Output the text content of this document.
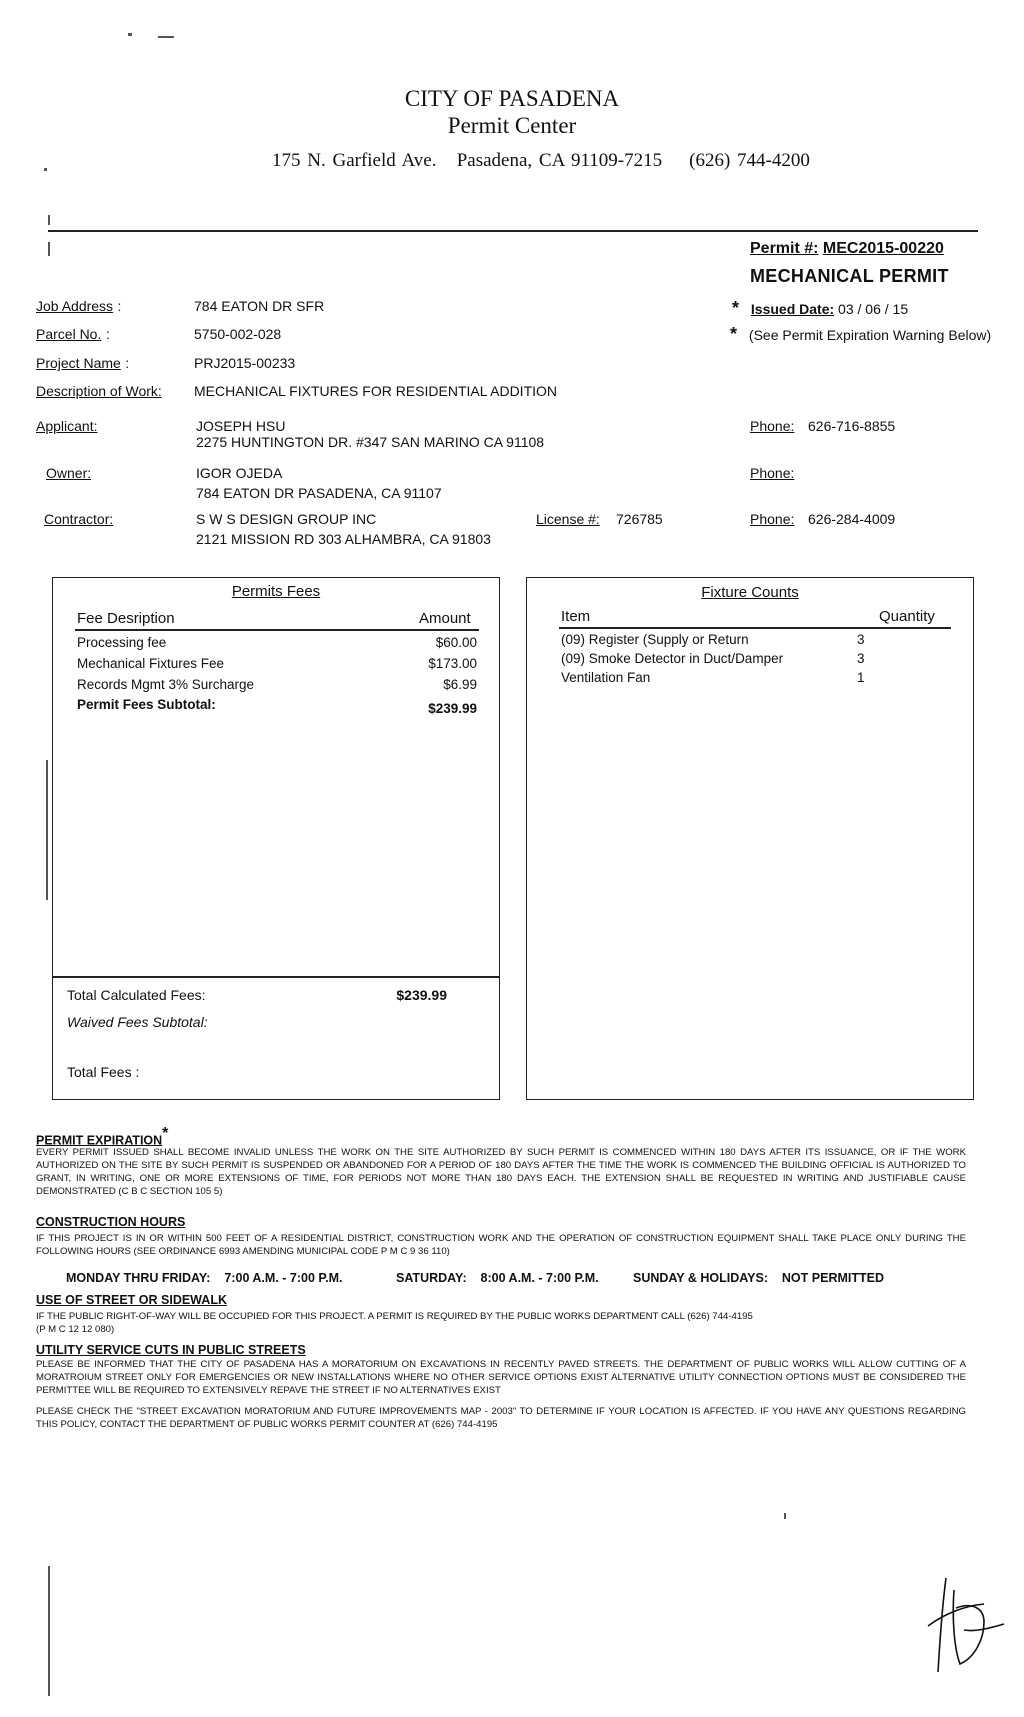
CITY OF PASADENA
Permit Center
175 N. Garfield Ave. Pasadena, CA 91109-7215 (626) 744-4200
Permit #: MEC2015-00220
MECHANICAL PERMIT
* Issued Date: 03 / 06 / 15
* (See Permit Expiration Warning Below)
Job Address :	784 EATON DR SFR
Parcel No. :	5750-002-028
Project Name :	PRJ2015-00233
Description of Work: MECHANICAL FIXTURES FOR RESIDENTIAL ADDITION
Applicant:	JOSEPH HSU
2275 HUNTINGTON DR. #347 SAN MARINO CA 91108
Phone: 626-716-8855
Owner:	IGOR OJEDA
784 EATON DR PASADENA, CA 91107
Phone:
Contractor:	S W S DESIGN GROUP INC
2121 MISSION RD 303 ALHAMBRA, CA 91803
License #: 726785	Phone: 626-284-4009
Permits Fees
Fee Desription	Amount
Processing fee	$60.00
Mechanical Fixtures Fee	$173.00
Records Mgmt 3% Surcharge	$6.99
Permit Fees Subtotal:	$239.99
Total Calculated Fees:	$239.99
Waived Fees Subtotal:
Total Fees :
Fixture Counts
Item	Quantity
(09) Register (Supply or Return	3
(09) Smoke Detector in Duct/Damper	3
Ventilation Fan	1
PERMIT EXPIRATION*
EVERY PERMIT ISSUED SHALL BECOME INVALID UNLESS THE WORK ON THE SITE AUTHORIZED BY SUCH PERMIT IS COMMENCED WITHIN 180 DAYS AFTER ITS ISSUANCE, OR IF THE WORK AUTHORIZED ON THE SITE BY SUCH PERMIT IS SUSPENDED OR ABANDONED FOR A PERIOD OF 180 DAYS AFTER THE TIME THE WORK IS COMMENCED THE BUILDING OFFICIAL IS AUTHORIZED TO GRANT, IN WRITING, ONE OR MORE EXTENSIONS OF TIME, FOR PERIODS NOT MORE THAN 180 DAYS EACH. THE EXTENSION SHALL BE REQUESTED IN WRITING AND JUSTIFIABLE CAUSE DEMONSTRATED (C B C SECTION 105 5)
CONSTRUCTION HOURS
IF THIS PROJECT IS IN OR WITHIN 500 FEET OF A RESIDENTIAL DISTRICT, CONSTRUCTION WORK AND THE OPERATION OF CONSTRUCTION EQUIPMENT SHALL TAKE PLACE ONLY DURING THE FOLLOWING HOURS (SEE ORDINANCE 6993 AMENDING MUNICIPAL CODE P M C 9 36 110)
MONDAY THRU FRIDAY: 7:00 A.M. - 7:00 P.M.	SATURDAY: 8:00 A.M. - 7:00 P.M.	SUNDAY & HOLIDAYS: NOT PERMITTED
USE OF STREET OR SIDEWALK
IF THE PUBLIC RIGHT-OF-WAY WILL BE OCCUPIED FOR THIS PROJECT. A PERMIT IS REQUIRED BY THE PUBLIC WORKS DEPARTMENT CALL (626) 744-4195
(P M C 12 12 080)
UTILITY SERVICE CUTS IN PUBLIC STREETS
PLEASE BE INFORMED THAT THE CITY OF PASADENA HAS A MORATORIUM ON EXCAVATIONS IN RECENTLY PAVED STREETS. THE DEPARTMENT OF PUBLIC WORKS WILL ALLOW CUTTING OF A MORATROIUM STREET ONLY FOR EMERGENCIES OR NEW INSTALLATIONS WHERE NO OTHER SERVICE OPTIONS EXIST ALTERNATIVE UTILITY CONNECTION OPTIONS MUST BE CONSIDERED THE PERMITTEE WILL BE REQUIRED TO EXTENSIVELY REPAVE THE STREET IF NO ALTERNATIVES EXIST
PLEASE CHECK THE "STREET EXCAVATION MORATORIUM AND FUTURE IMPROVEMENTS MAP - 2003" TO DETERMINE IF YOUR LOCATION IS AFFECTED. IF YOU HAVE ANY QUESTIONS REGARDING THIS POLICY, CONTACT THE DEPARTMENT OF PUBLIC WORKS PERMIT COUNTER AT (626) 744-4195
